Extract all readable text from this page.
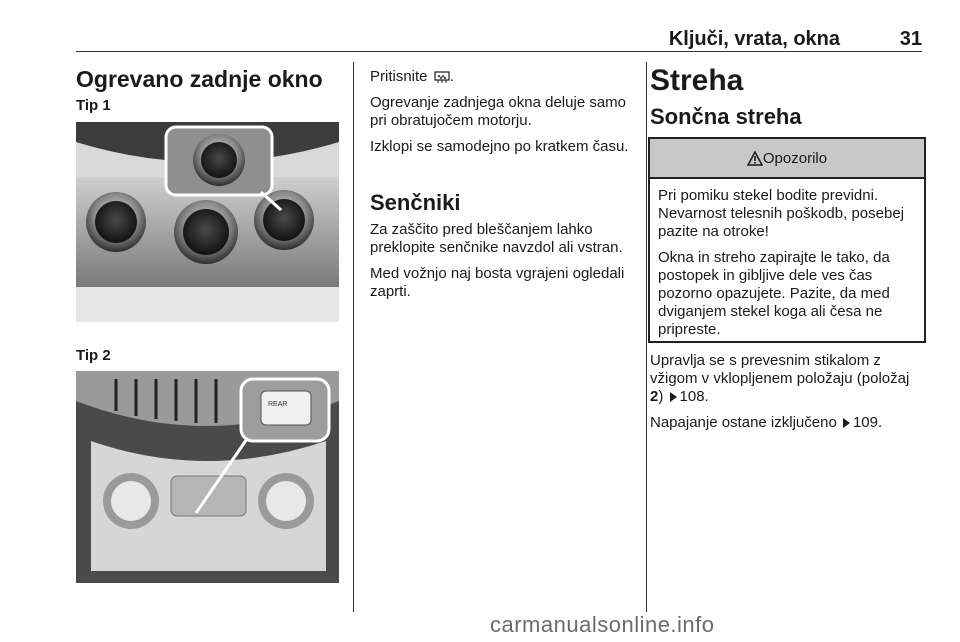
Ključi, vrata, okna	31
Ogrevano zadnje okno
Tip 1
Tip 2
REAR

Pritisnite .

Ogrevanje zadnjega okna deluje samo pri obratujočem motorju.

Izklopi se samodejno po kratkem času.

Senčniki

Za zaščito pred bleščanjem lahko preklopite senčnike navzdol ali vstran.

Med vožnjo naj bosta vgrajeni ogledali zaprti.

Streha
Sončna streha
Opozorilo

Pri pomiku stekel bodite previdni. Nevarnost telesnih poškodb, posebej pazite na otroke!

Okna in streho zapirajte le tako, da postopek in gibljive dele ves čas pozorno opazujete. Pazite, da med dviganjem stekel koga ali česa ne pripreste.

Upravlja se s prevesnim stikalom z vžigom v vklopljenem položaju (položaj 2) 108.

Napajanje ostane izključeno 109.

carmanualsonline.info
